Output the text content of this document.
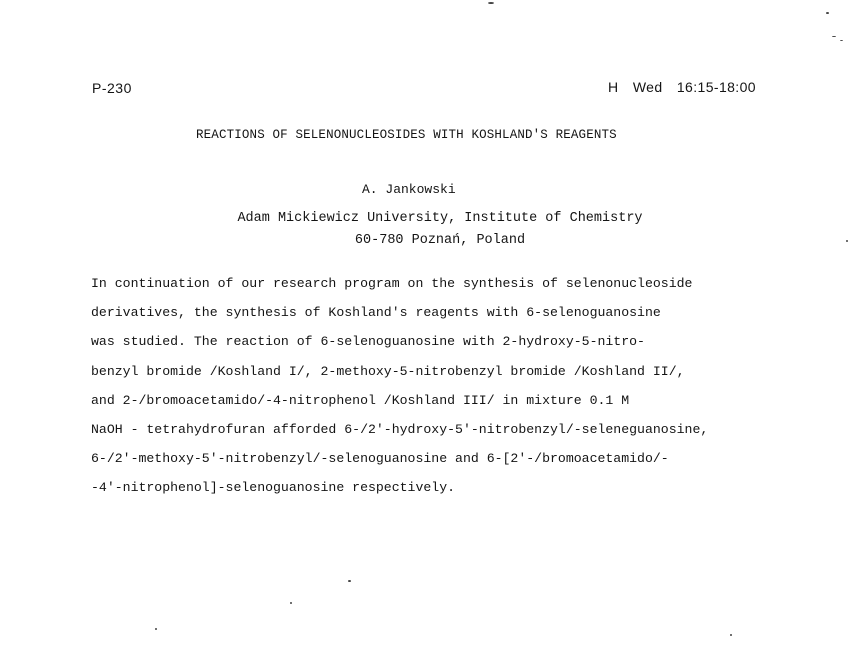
P-230	H Wed 16:15-18:00
REACTIONS OF SELENONUCLEOSIDES WITH KOSHLAND'S REAGENTS
A. Jankowski
Adam Mickiewicz University, Institute of Chemistry
60-780 Poznań, Poland
In continuation of our research program on the synthesis of selenonucleoside
derivatives, the synthesis of Koshland's reagents with 6-selenoguanosine
was studied. The reaction of 6-selenoguanosine with 2-hydroxy-5-nitro-
benzyl bromide /Koshland I/, 2-methoxy-5-nitrobenzyl bromide /Koshland II/,
and 2-/bromoacetamido/-4-nitrophenol /Koshland III/ in mixture 0.1 M
NaOH - tetrahydrofuran afforded 6-/2'-hydroxy-5'-nitrobenzyl/-seleneguanosine,
6-/2'-methoxy-5'-nitrobenzyl/-selenoguanosine and 6-[2'-/bromoacetamido/-
-4'-nitrophenol]-selenoguanosine respectively.
